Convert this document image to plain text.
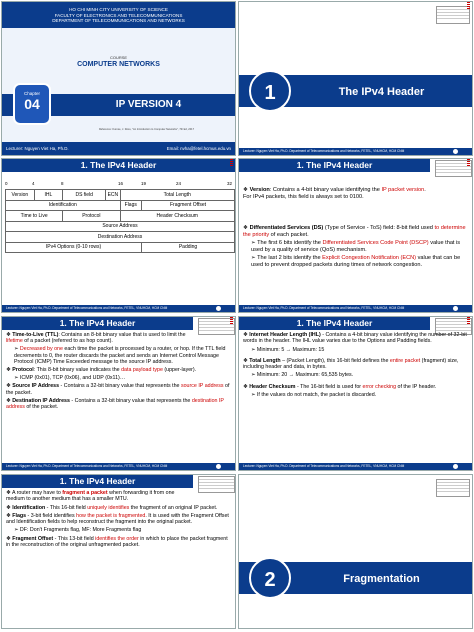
HO CHI MINH CITY UNIVERSITY OF SCIENCE
FACULTY OF ELECTRONICS AND TELECOMMUNICATIONS
DEPARTMENT OF TELECOMMUNICATIONS AND NETWORKS
COURSE
COMPUTER NETWORKS
Chapter
04	IP VERSION 4
Reference: Kurose, J. Ross, "An Introduction to Computer Networks", 7th Ed, 2017
Lecturer: Nguyen Viet Ha, Ph.D.	Email: nvha@fetel.hcmus.edu.vn
1	The IPv4 Header
Lecturer: Nguyen Viet Ha, Ph.D. Department of Telecommunications and Networks, FETEL, VNUHCM, HCM CNM
1. The IPv4 Header
0	4	8	16	19	24	32
Version	IHL	DS field	ECN	Total Length	
Identification				Flags	Fragment Offset
Time to Live		Protocol		Header Checksum	
Source Address					
Destination Address					
IPv4 Options (0-10 rows)					Padding
Lecturer: Nguyen Viet Ha, Ph.D. Department of Telecommunications and Networks, FETEL, VNUHCM, HCM CNM
1. The IPv4 Header

❖ Version: Contains a 4-bit binary value identifying the IP packet version. For IPv4 packets, this field is always set to 0100.

❖ Differentiated Services (DS) (Type of Service - ToS) field: 8-bit field used to determine the priority of each packet.

➢ The first 6 bits identify the Differentiated Services Code Point (DSCP) value that is used by a quality of service (QoS) mechanism.

➢ The last 2 bits identify the Explicit Congestion Notification (ECN) value that can be used to prevent dropped packets during times of network congestion.

Lecturer: Nguyen Viet Ha, Ph.D. Department of Telecommunications and Networks, FETEL, VNUHCM, HCM CNM
1. The IPv4 Header

❖ Time-to-Live (TTL): Contains an 8-bit binary value that is used to limit the lifetime of a packet (referred to as hop count).

➢ Decreased by one each time the packet is processed by a router, or hop. If the TTL field decrements to 0, the router discards the packet and sends an Internet Control Message Protocol (ICMP) Time Exceeded message to the source IP address.

❖ Protocol: This 8-bit binary value indicates the data payload type (upper-layer).

➢ ICMP (0x01), TCP (0x06), and UDP (0x11)…

❖ Source IP Address - Contains a 32-bit binary value that represents the source IP address of the packet.

❖ Destination IP Address - Contains a 32-bit binary value that represents the destination IP address of the packet.

Lecturer: Nguyen Viet Ha, Ph.D. Department of Telecommunications and Networks, FETEL, VNUHCM, HCM CNM
1. The IPv4 Header

❖ Internet Header Length (IHL) - Contains a 4-bit binary value identifying the number of 32-bit words in the header. The IHL value varies due to the Options and Padding fields.

➢ Minimum: 5 → Maximum: 15

❖ Total Length – (Packet Length), this 16-bit field defines the entire packet (fragment) size, including header and data, in bytes.

➢ Minimum: 20 → Maximum: 65,535 bytes.

❖ Header Checksum - The 16-bit field is used for error checking of the IP header.

➢ If the values do not match, the packet is discarded.

Lecturer: Nguyen Viet Ha, Ph.D. Department of Telecommunications and Networks, FETEL, VNUHCM, HCM CNM
1. The IPv4 Header

❖ A router may have to fragment a packet when forwarding it from one medium to another medium that has a smaller MTU.

❖ Identification - This 16-bit field uniquely identifies the fragment of an original IP packet.

❖ Flags - 3-bit field identifies how the packet is fragmented. It is used with the Fragment Offset and Identification fields to help reconstruct the fragment into the original packet.

➢ DF: Don't Fragments flag, MF: More Fragments flag

❖ Fragment Offset - This 13-bit field identifies the order in which to place the packet fragment in the reconstruction of the original unfragmented packet.

2	Fragmentation
